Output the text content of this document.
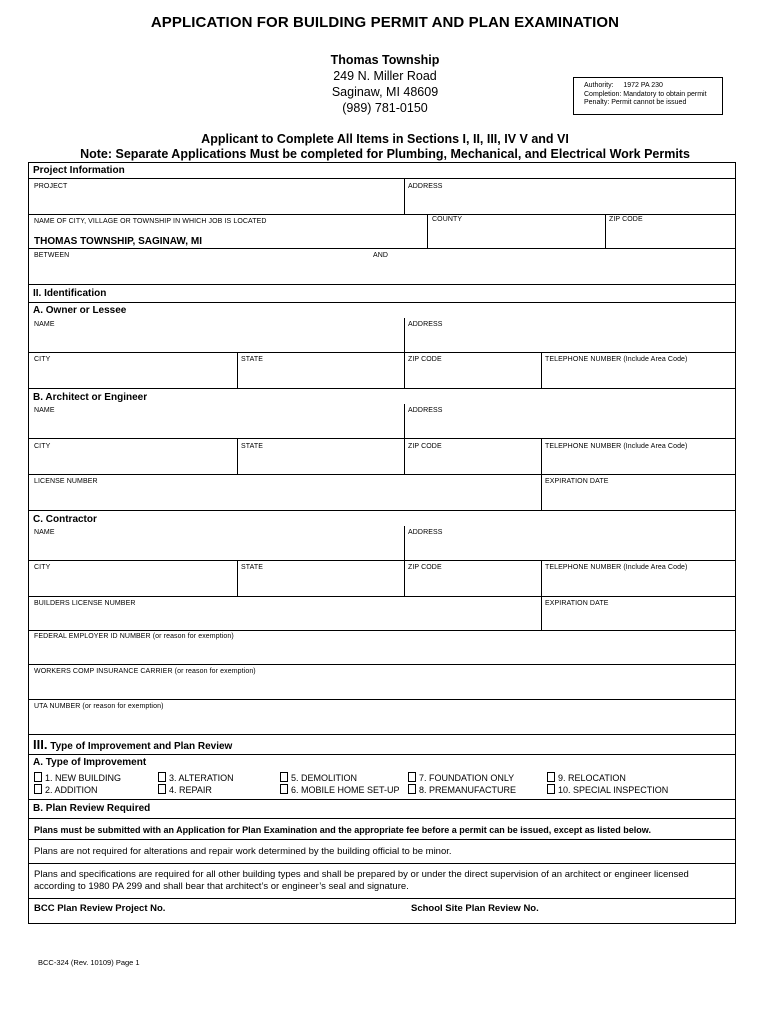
APPLICATION FOR BUILDING PERMIT AND PLAN EXAMINATION
Thomas Township
249 N. Miller Road
Saginaw, MI 48609
(989) 781-0150
Authority: 1972 PA 230
Completion: Mandatory to obtain permit
Penalty: Permit cannot be issued
Applicant to Complete All Items in Sections I, II, III, IV V and VI
Note: Separate Applications Must be completed for Plumbing, Mechanical, and Electrical Work Permits
Project Information
PROJECT	ADDRESS
NAME OF CITY, VILLAGE OR TOWNSHIP IN WHICH JOB IS LOCATED	COUNTY	ZIP CODE
THOMAS TOWNSHIP, SAGINAW, MI
BETWEEN	AND
II. Identification
A. Owner or Lessee
NAME	ADDRESS
CITY	STATE	ZIP CODE	TELEPHONE NUMBER (Include Area Code)
B. Architect or Engineer
NAME	ADDRESS
CITY	STATE	ZIP CODE	TELEPHONE NUMBER (Include Area Code)
LICENSE NUMBER	EXPIRATION DATE
C. Contractor
NAME	ADDRESS
CITY	STATE	ZIP CODE	TELEPHONE NUMBER (Include Area Code)
BUILDERS LICENSE NUMBER	EXPIRATION DATE
FEDERAL EMPLOYER ID NUMBER (or reason for exemption)
WORKERS COMP INSURANCE CARRIER (or reason for exemption)
UTA NUMBER (or reason for exemption)
III. Type of Improvement and Plan Review
A. Type of Improvement
1. NEW BUILDING
2. ADDITION
3. ALTERATION
4. REPAIR
5. DEMOLITION
6. MOBILE HOME SET-UP
7. FOUNDATION ONLY
8. PREMANUFACTURE
9. RELOCATION
10. SPECIAL INSPECTION
B. Plan Review Required
Plans must be submitted with an Application for Plan Examination and the appropriate fee before a permit can be issued, except as listed below.
Plans are not required for alterations and repair work determined by the building official to be minor.
Plans and specifications are required for all other building types and shall be prepared by or under the direct supervision of an architect or engineer licensed according to 1980 PA 299 and shall bear that architect’s or engineer’s seal and signature.
BCC Plan Review Project No.	School Site Plan Review No.
BCC-324 (Rev. 10109) Page 1
